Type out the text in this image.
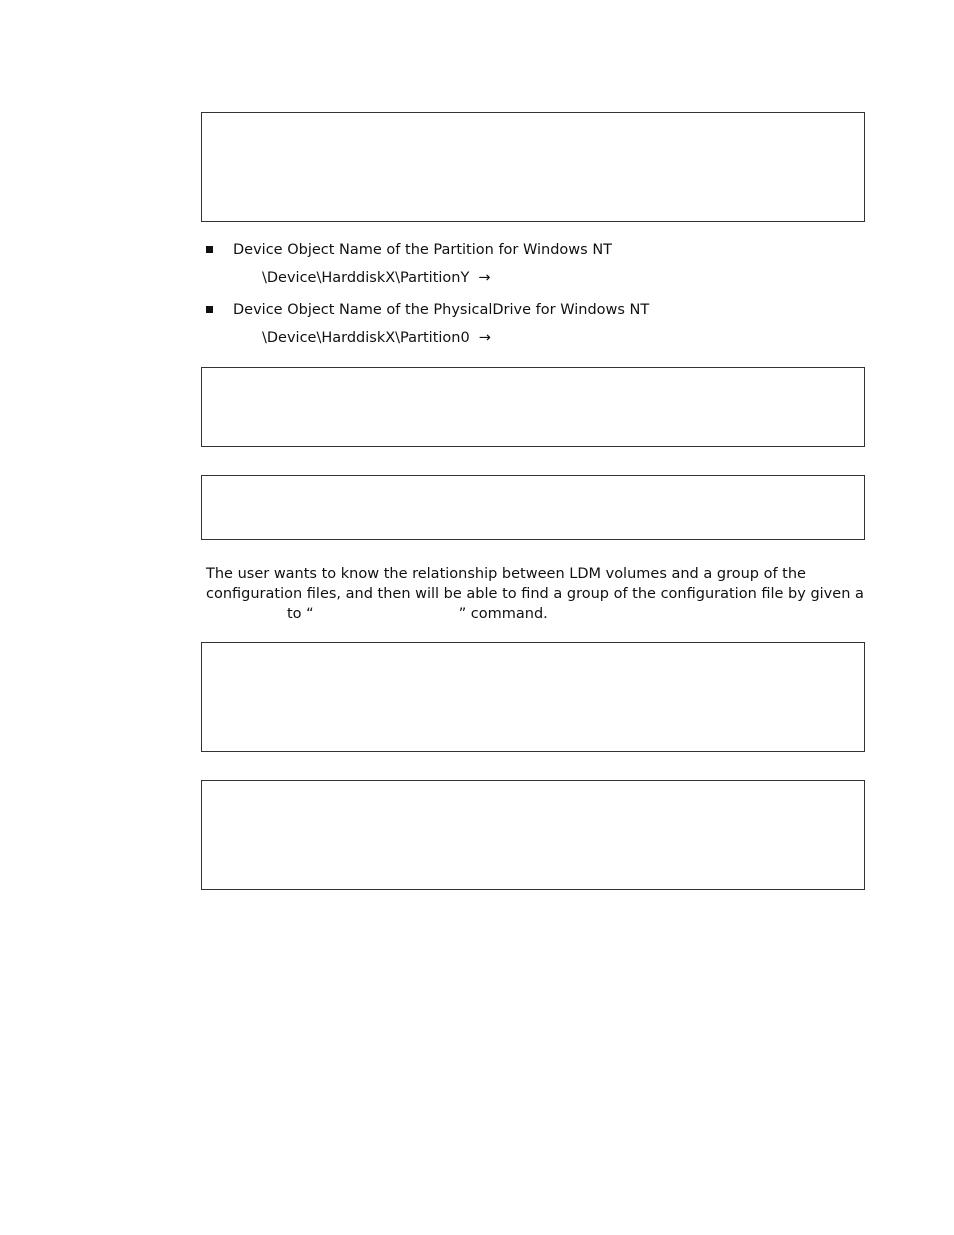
Device Object Name of the Partition for Windows NT
\Device\HarddiskX\PartitionY →
Device Object Name of the PhysicalDrive for Windows NT
\Device\HarddiskX\Partition0 →
The user wants to know the relationship between LDM volumes and a group of the
configuration files, and then will be able to find a group of the configuration file by given a
to “	” command.
